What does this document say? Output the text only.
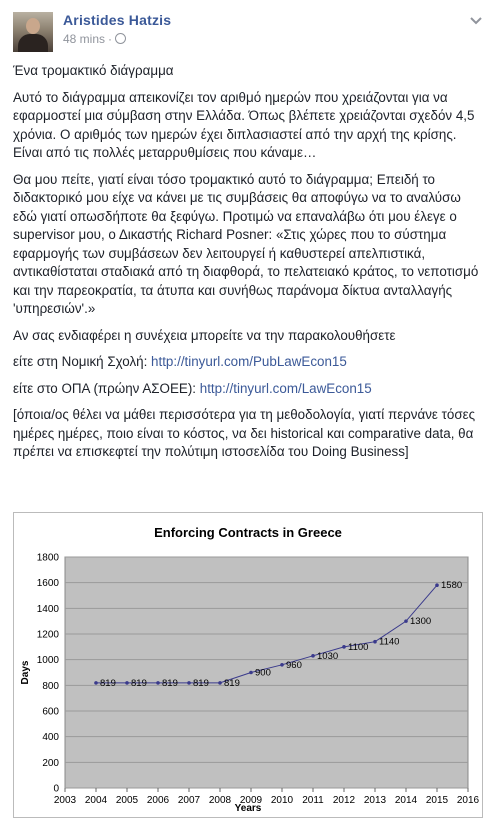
Aristides Hatzis
48 mins ·

Ένα τρομακτικό διάγραμμα

Αυτό το διάγραμμα απεικονίζει τον αριθμό ημερών που χρειάζονται για να εφαρμοστεί μια σύμβαση στην Ελλάδα. Όπως βλέπετε χρειάζονται σχεδόν 4,5 χρόνια. Ο αριθμός των ημερών έχει διπλασιαστεί από την αρχή της κρίσης. Είναι από τις πολλές μεταρρυθμίσεις που κάναμε…

Θα μου πείτε, γιατί είναι τόσο τρομακτικό αυτό το διάγραμμα; Επειδή το διδακτορικό μου είχε να κάνει με τις συμβάσεις θα αποφύγω να το αναλύσω εδώ γιατί οπωσδήποτε θα ξεφύγω. Προτιμώ να επαναλάβω ότι μου έλεγε ο supervisor μου, ο Δικαστής Richard Posner: «Στις χώρες που το σύστημα εφαρμογής των συμβάσεων δεν λειτουργεί ή καθυστερεί απελπιστικά, αντικαθίσταται σταδιακά από τη διαφθορά, το πελατειακό κράτος, το νεποτισμό και την παρεοκρατία, τα άτυπα και συνήθως παράνομα δίκτυα ανταλλαγής 'υπηρεσιών'.»

Αν σας ενδιαφέρει η συνέχεια μπορείτε να την παρακολουθήσετε

είτε στη Νομική Σχολή: http://tinyurl.com/PubLawEcon15
είτε στο ΟΠΑ (πρώην ΑΣΟΕΕ): http://tinyurl.com/LawEcon15

[όποια/ος θέλει να μάθει περισσότερα για τη μεθοδολογία, γιατί περνάνε τόσες ημέρες ημέρες, ποιο είναι το κόστος, να δει historical και comparative data, θα πρέπει να επισκεφτεί την πολύτιμη ιστοσελίδα του Doing Business]

Enforcing Contracts in Greece
0
200
400
600
800
1000
1200
1400
1600
1800
2003 2004 2005 2006 2007 2008 2009 2010 2011 2012 2013 2014 2015 2016
Years
Days	819 819 819 819 819
900
960
1030
1100 1140
1300
1580
